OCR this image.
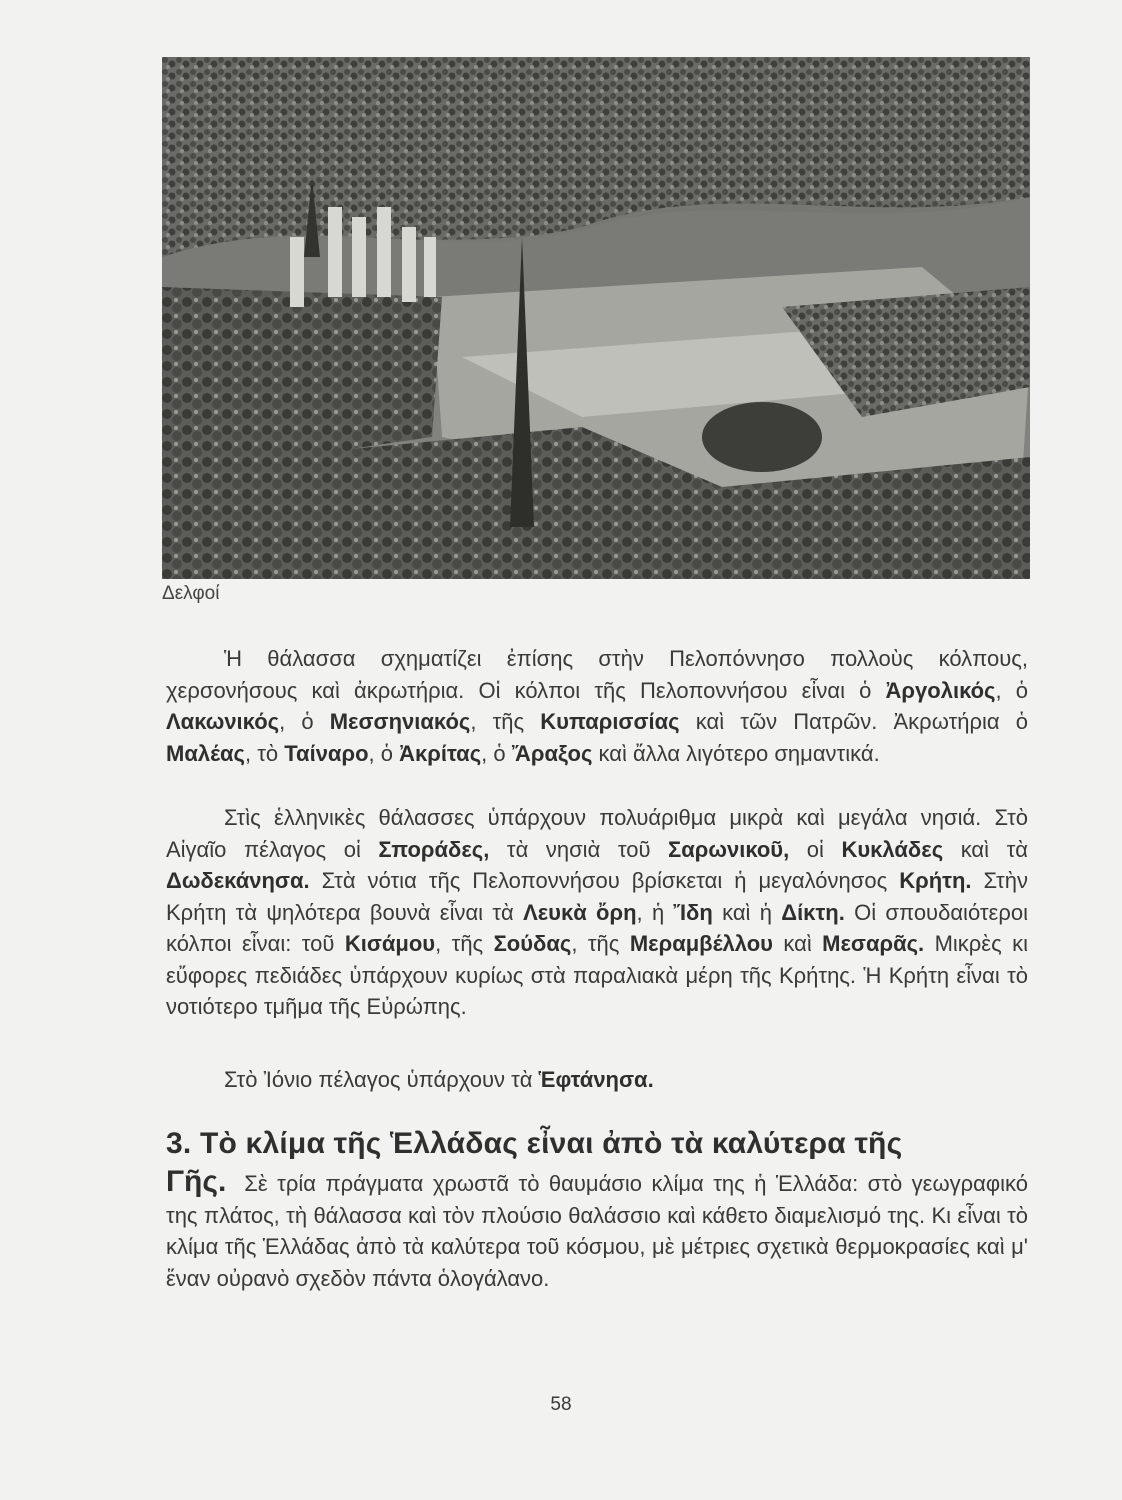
Δελφοί

Ἡ θάλασσα σχηματίζει ἐπίσης στὴν Πελοπόννησο πολλοὺς κόλπους, χερσονήσους καὶ ἀκρωτήρια. Οἱ κόλποι τῆς Πελοποννήσου εἶναι ὁ Ἀργολικός, ὁ Λακωνικός, ὁ Μεσσηνιακός, τῆς Κυπαρισσίας καὶ τῶν Πατρῶν. Ἀκρωτήρια ὁ Μαλέας, τὸ Ταίναρο, ὁ Ἀκρίτας, ὁ Ἄραξος καὶ ἄλλα λιγότερο σημαντικά.

Στὶς ἑλληνικὲς θάλασσες ὑπάρχουν πολυάριθμα μικρὰ καὶ μεγάλα νησιά. Στὸ Αἰγαῖο πέλαγος οἱ Σποράδες, τὰ νησιὰ τοῦ Σαρωνικοῦ, οἱ Κυκλάδες καὶ τὰ Δωδεκάνησα. Στὰ νότια τῆς Πελοποννήσου βρίσκεται ἡ μεγαλόνησος Κρήτη. Στὴν Κρήτη τὰ ψηλότερα βουνὰ εἶναι τὰ Λευκὰ ὄρη, ἡ Ἴδη καὶ ἡ Δίκτη. Οἱ σπουδαιότεροι κόλποι εἶναι: τοῦ Κισάμου, τῆς Σούδας, τῆς Μεραμβέλλου καὶ Μεσαρᾶς. Μικρὲς κι εὔφορες πεδιάδες ὑπάρχουν κυρίως στὰ παραλιακὰ μέρη τῆς Κρήτης. Ἡ Κρήτη εἶναι τὸ νοτιότερο τμῆμα τῆς Εὐρώπης.

Στὸ Ἰόνιο πέλαγος ὑπάρχουν τὰ Ἑφτάνησα.

3. Τὸ κλίμα τῆς Ἑλλάδας εἶναι ἀπὸ τὰ καλύτερα τῆς
Γῆς. Σὲ τρία πράγματα χρωστᾶ τὸ θαυμάσιο κλίμα της ἡ Ἑλλάδα: στὸ γεωγραφικό της πλάτος, τὴ θάλασσα καὶ τὸν πλούσιο θαλάσσιο καὶ κάθετο διαμελισμό της. Κι εἶναι τὸ κλίμα τῆς Ἑλλάδας ἀπὸ τὰ καλύτερα τοῦ κόσμου, μὲ μέτριες σχετικὰ θερμοκρασίες καὶ μ' ἕναν οὐρανὸ σχεδὸν πάντα ὁλογάλανο.
58
